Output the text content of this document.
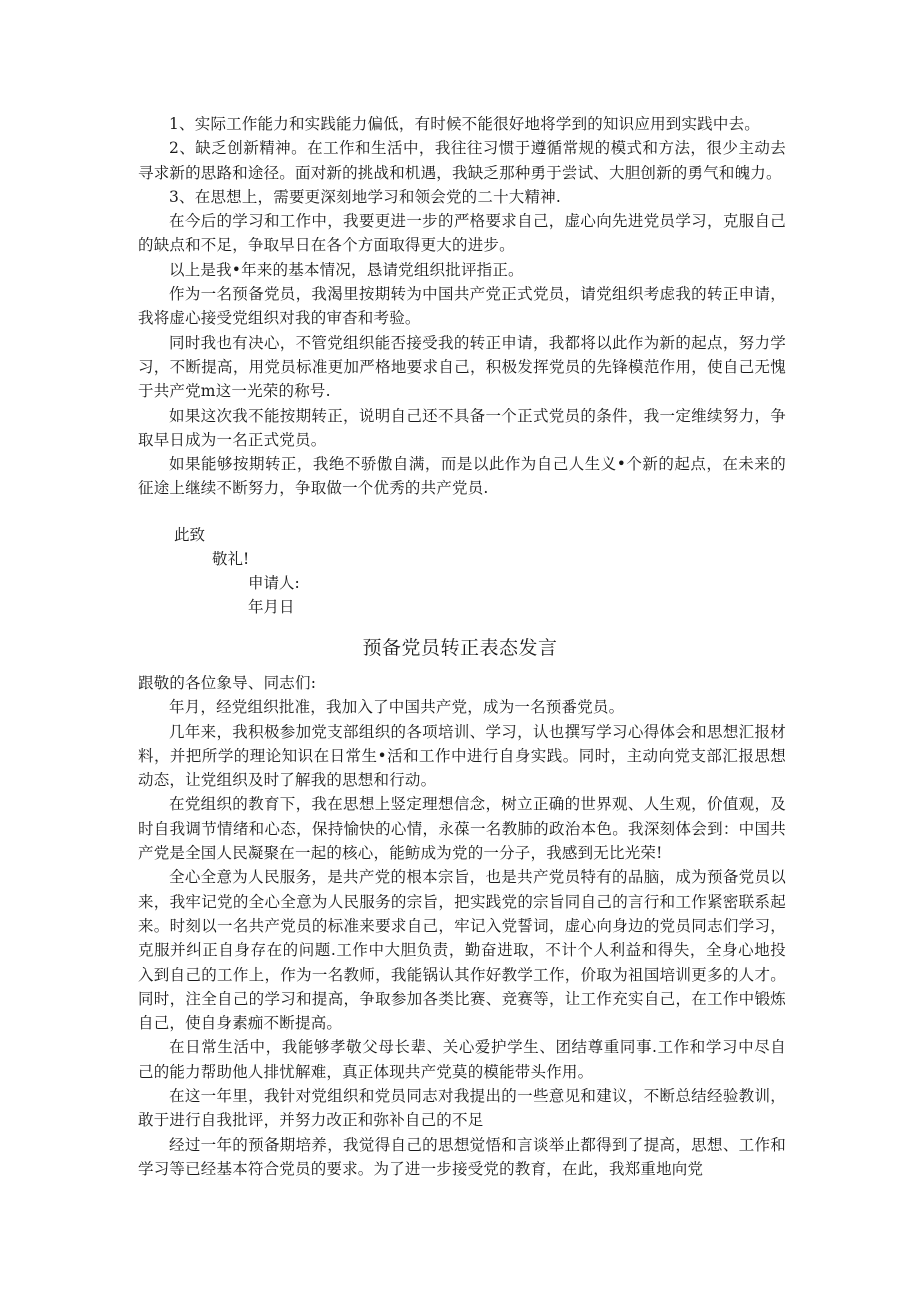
1、实际工作能力和实践能力偏低，有时候不能很好地将学到的知识应用到实践中去。

2、缺乏创新精神。在工作和生活中，我往往习惯于遵循常规的模式和方法，很少主动去寻求新的思路和途径。面对新的挑战和机遇，我缺乏那种勇于尝试、大胆创新的勇气和魄力。

3、在思想上，需要更深刻地学习和领会党的二十大精神.

在今后的学习和工作中，我要更进一步的严格要求自己，虚心向先进党员学习，克服自己的缺点和不足，争取早日在各个方面取得更大的进步。

以上是我•年来的基本情况，恳请党组织批评指正。

作为一名预备党员，我渴里按期转为中国共产党正式党员，请党组织考虑我的转正申请，我将虚心接受党组织对我的审杳和考验。

同时我也有决心，不管党组织能否接受我的转正申请，我都将以此作为新的起点，努力学习，不断提高，用党员标准更加严格地要求自己，积极发挥党员的先锋模范作用，使自己无愧于共产党m这一光荣的称号.

如果这次我不能按期转正，说明自己还不具备一个正式党员的条件，我一定维续努力，争取早日成为一名正式党员。

如果能够按期转正，我绝不骄傲自满，而是以此作为自己人生义•个新的起点，在未来的征途上继续不断努力，争取做一个优秀的共产党员.

此致

敬礼!

申请人:

年月日

预备党员转正表态发言

跟敬的各位象导、同志们:

年月，经党组织批准，我加入了中国共产党，成为一名预番党员。

几年来，我积极参加党支部组织的各项培训、学习，认也撰写学习心得体会和思想汇报材料，并把所学的理论知识在日常生•活和工作中进行自身实践。同时，主动向党支部汇报思想动态，让党组织及时了解我的思想和行动。

在党组织的教育下，我在思想上竖定理想信念，树立正确的世界观、人生观，价值观，及时自我调节情绪和心态，保持愉快的心情，永葆一名教肺的政治本色。我深刻体会到：中国共产党是全国人民凝聚在一起的核心，能鲂成为党的一分子，我感到无比光荣!

全心全意为人民服务，是共产党的根本宗旨，也是共产党员特有的品脑，成为预备党员以来，我牢记党的全心全意为人民服务的宗旨，把实践党的宗旨同自己的言行和工作紧密联系起来。时刻以一名共产党员的标准来要求自己，牢记入党誓词，虚心向身边的党员同志们学习，克服并纠正自身存在的问题.工作中大胆负责，勤奋进取，不计个人利益和得失，全身心地投入到自己的工作上，作为一名教师，我能锅认其作好教学工作，价取为祖国培训更多的人才。同时，注全自己的学习和提高，争取参加各类比赛、竞赛等，让工作充实自己，在工作中锻炼自己，使自身素痂不断提高。

在日常生活中，我能够孝敬父母长辈、关心爱护学生、团结尊重同事.工作和学习中尽自己的能力帮助他人排忧解难，真正体现共产党莫的模能带头作用。

在这一年里，我针对党组织和党员同志对我提出的一些意见和建议，不断总结经验教训，敢于进行自我批评，并努力改正和弥补自己的不足

经过一年的预备期培养，我觉得自己的思想觉悟和言谈举止都得到了提高，思想、工作和学习等已经基本符合党员的要求。为了进一步接受党的教育，在此，我郑重地向党
